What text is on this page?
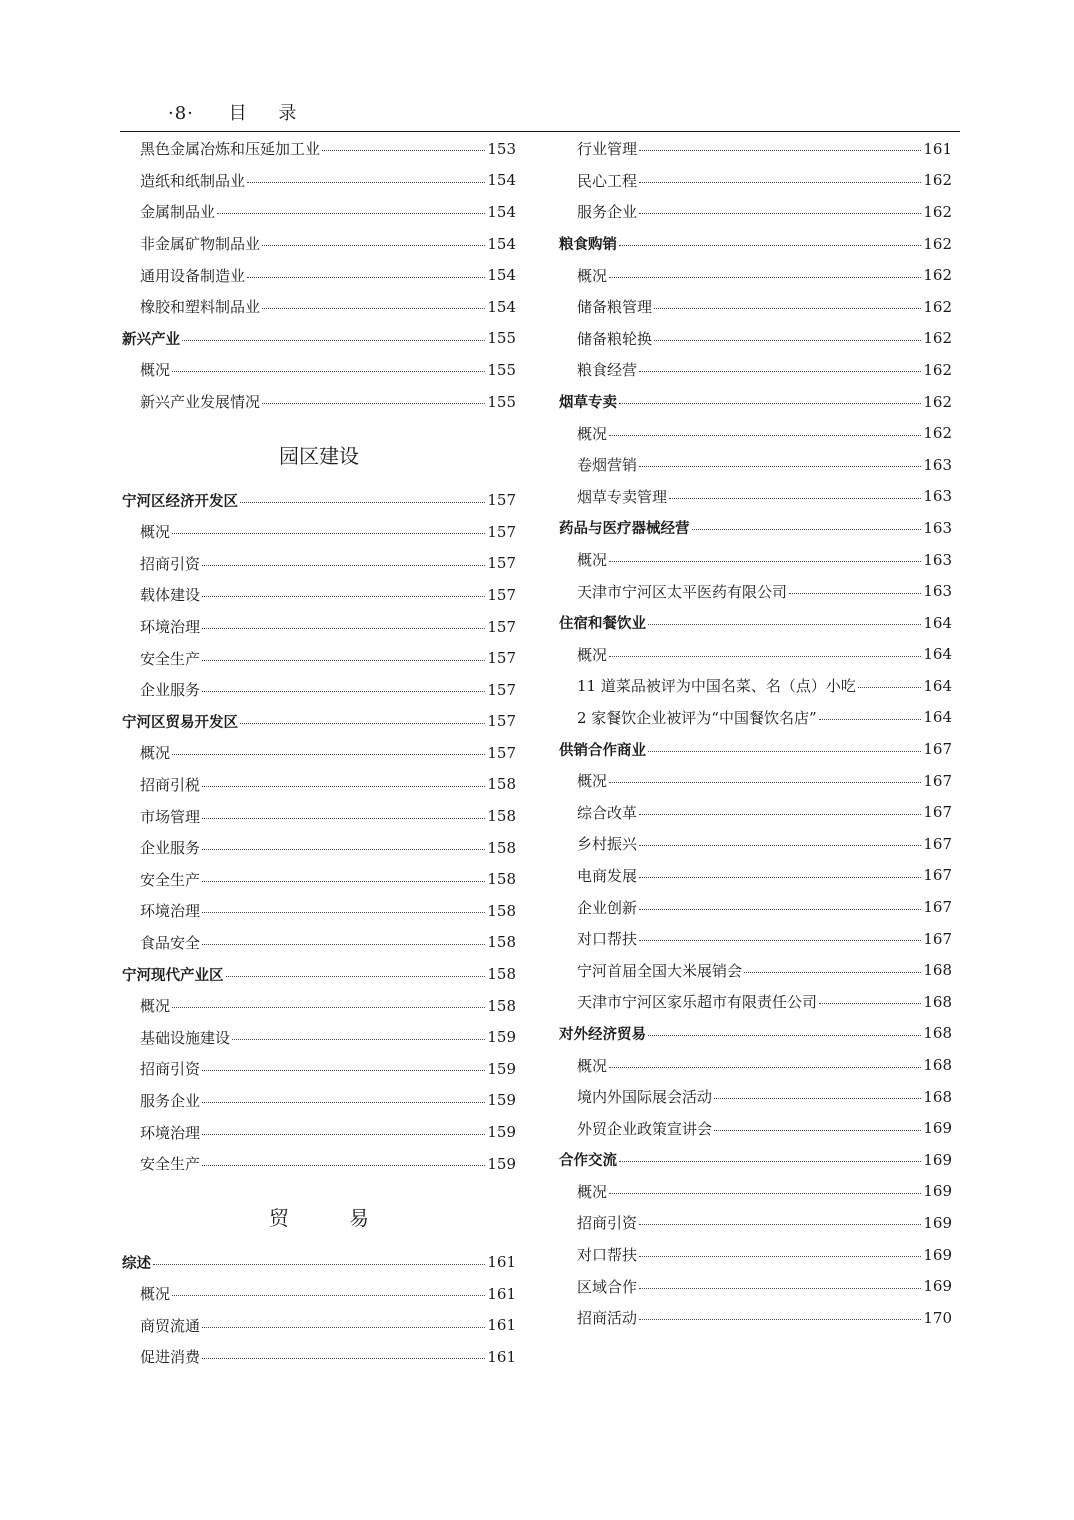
·8· 目 录
黑色金属冶炼和压延加工业	153
造纸和纸制品业	154
金属制品业	154
非金属矿物制品业	154
通用设备制造业	154
橡胶和塑料制品业	154
新兴产业	155
概况	155
新兴产业发展情况	155
园区建设
宁河区经济开发区	157
概况	157
招商引资	157
载体建设	157
环境治理	157
安全生产	157
企业服务	157
宁河区贸易开发区	157
概况	157
招商引税	158
市场管理	158
企业服务	158
安全生产	158
环境治理	158
食品安全	158
宁河现代产业区	158
概况	158
基础设施建设	159
招商引资	159
服务企业	159
环境治理	159
安全生产	159
贸　易
综述	161
概况	161
商贸流通	161
促进消费	161
行业管理	161
民心工程	162
服务企业	162
粮食购销	162
概况	162
储备粮管理	162
储备粮轮换	162
粮食经营	162
烟草专卖	162
概况	162
卷烟营销	163
烟草专卖管理	163
药品与医疗器械经营	163
概况	163
天津市宁河区太平医药有限公司	163
住宿和餐饮业	164
概况	164
11 道菜品被评为中国名菜、名（点）小吃	164
2 家餐饮企业被评为“中国餐饮名店”	164
供销合作商业	167
概况	167
综合改革	167
乡村振兴	167
电商发展	167
企业创新	167
对口帮扶	167
宁河首届全国大米展销会	168
天津市宁河区家乐超市有限责任公司	168
对外经济贸易	168
概况	168
境内外国际展会活动	168
外贸企业政策宣讲会	169
合作交流	169
概况	169
招商引资	169
对口帮扶	169
区域合作	169
招商活动	170
